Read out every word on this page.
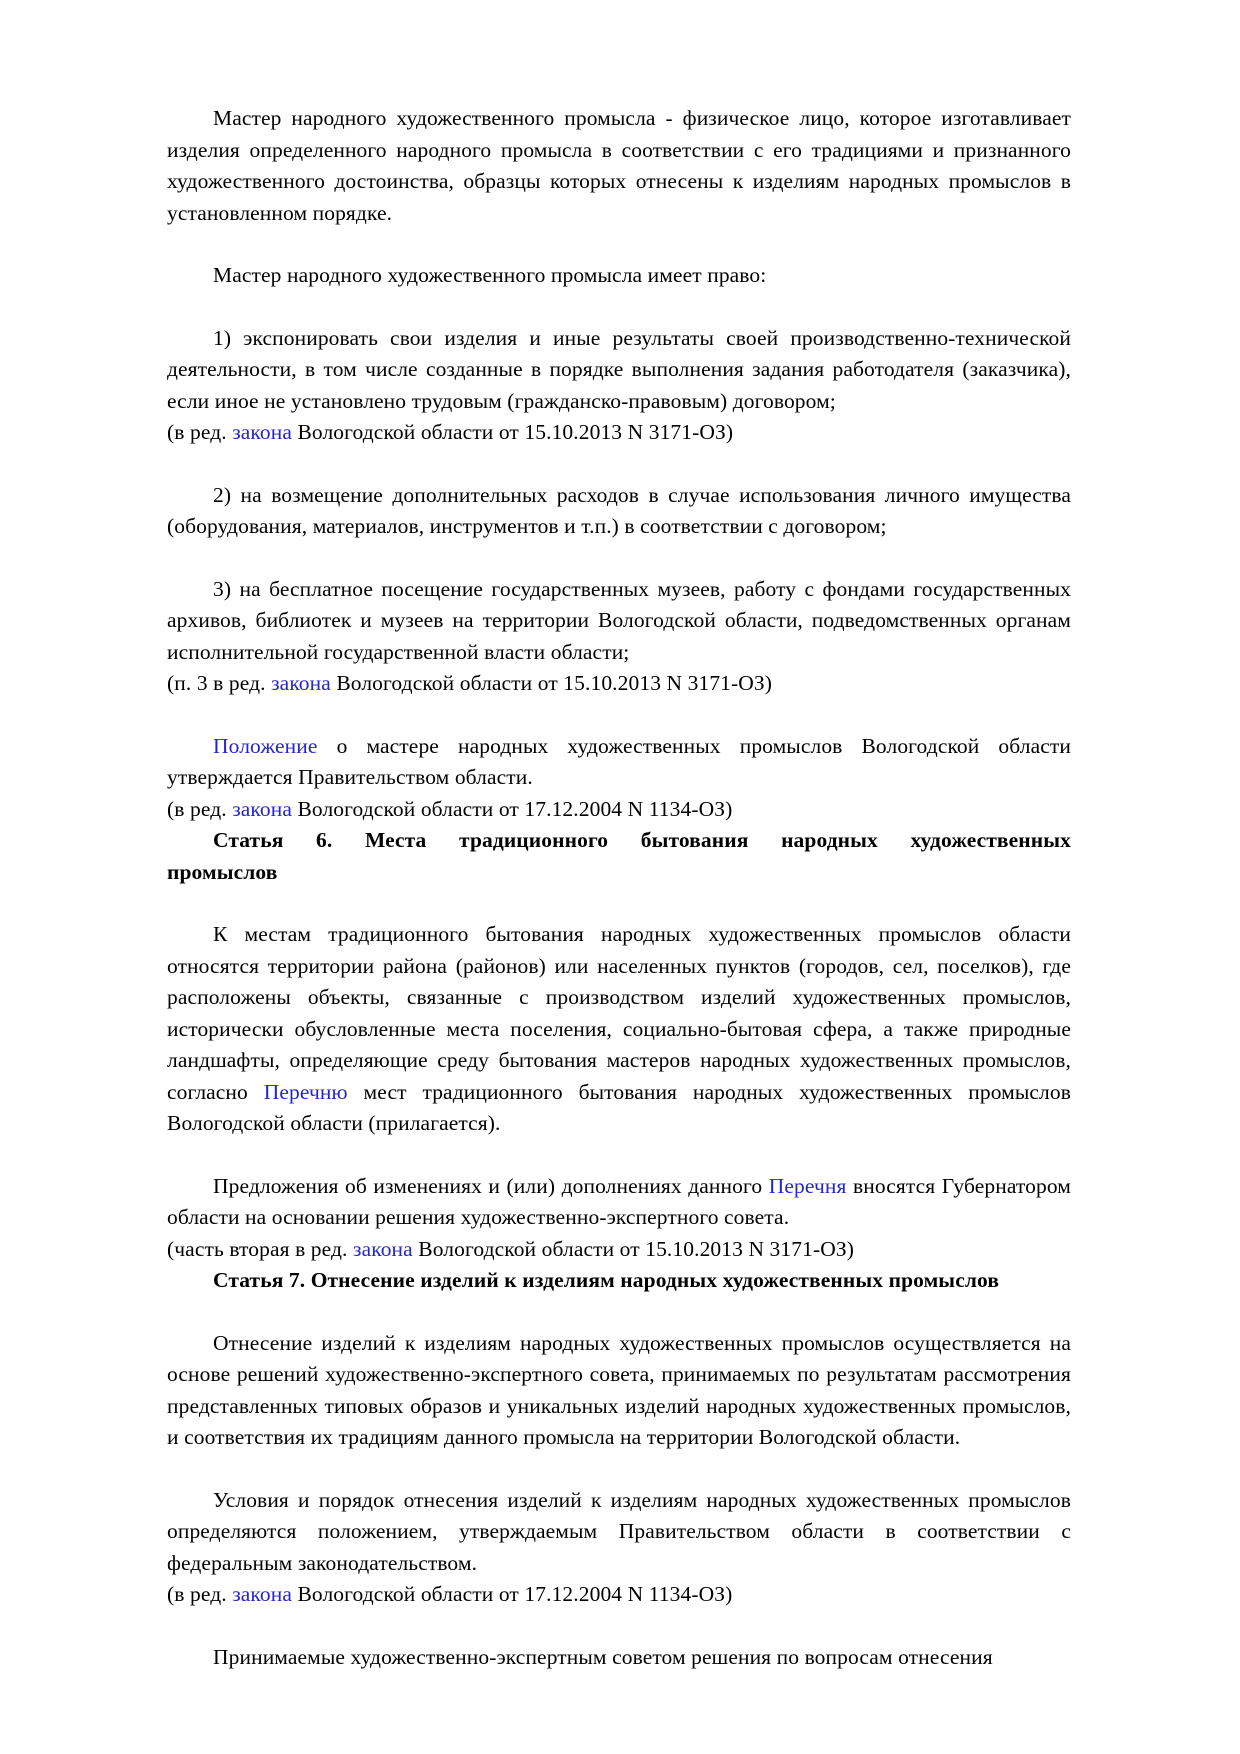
Мастер народного художественного промысла - физическое лицо, которое изготавливает изделия определенного народного промысла в соответствии с его традициями и признанного художественного достоинства, образцы которых отнесены к изделиям народных промыслов в установленном порядке.

Мастер народного художественного промысла имеет право:

1) экспонировать свои изделия и иные результаты своей производственно-технической деятельности, в том числе созданные в порядке выполнения задания работодателя (заказчика), если иное не установлено трудовым (гражданско-правовым) договором;

(в ред. закона Вологодской области от 15.10.2013 N 3171-ОЗ)

2) на возмещение дополнительных расходов в случае использования личного имущества (оборудования, материалов, инструментов и т.п.) в соответствии с договором;

3) на бесплатное посещение государственных музеев, работу с фондами государственных архивов, библиотек и музеев на территории Вологодской области, подведомственных органам исполнительной государственной власти области;

(п. 3 в ред. закона Вологодской области от 15.10.2013 N 3171-ОЗ)

Положение о мастере народных художественных промыслов Вологодской области утверждается Правительством области.

(в ред. закона Вологодской области от 17.12.2004 N 1134-ОЗ)

Статья 6. Места традиционного бытования народных художественных

промыслов

К местам традиционного бытования народных художественных промыслов области относятся территории района (районов) или населенных пунктов (городов, сел, поселков), где расположены объекты, связанные с производством изделий художественных промыслов, исторически обусловленные места поселения, социально-бытовая сфера, а также природные ландшафты, определяющие среду бытования мастеров народных художественных промыслов, согласно Перечню мест традиционного бытования народных художественных промыслов Вологодской области (прилагается).

Предложения об изменениях и (или) дополнениях данного Перечня вносятся Губернатором области на основании решения художественно-экспертного совета.

(часть вторая в ред. закона Вологодской области от 15.10.2013 N 3171-ОЗ)

Статья 7. Отнесение изделий к изделиям народных художественных промыслов

Отнесение изделий к изделиям народных художественных промыслов осуществляется на основе решений художественно-экспертного совета, принимаемых по результатам рассмотрения представленных типовых образов и уникальных изделий народных художественных промыслов, и соответствия их традициям данного промысла на территории Вологодской области.

Условия и порядок отнесения изделий к изделиям народных художественных промыслов определяются положением, утверждаемым Правительством области в соответствии с федеральным законодательством.

(в ред. закона Вологодской области от 17.12.2004 N 1134-ОЗ)

Принимаемые художественно-экспертным советом решения по вопросам отнесения
